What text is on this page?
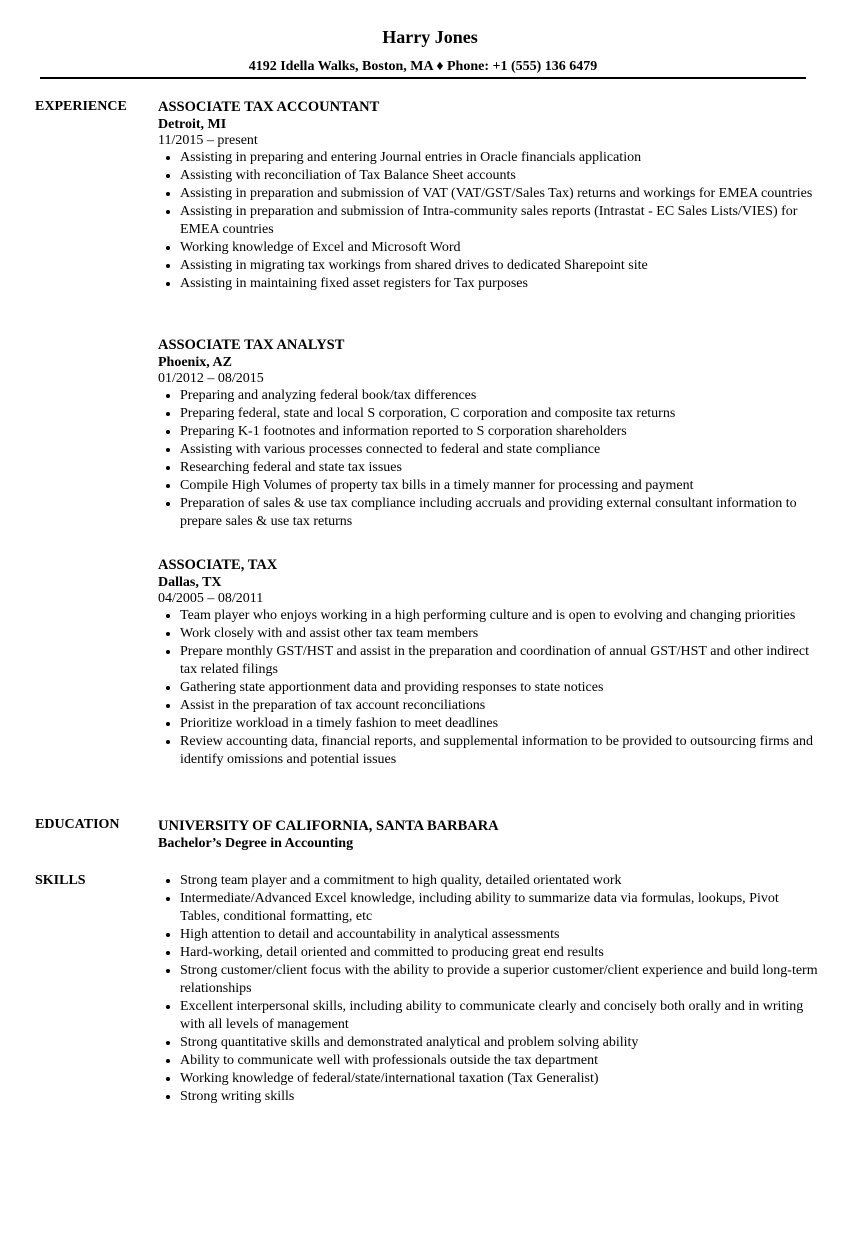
Harry Jones
4192 Idella Walks, Boston, MA ♦ Phone: +1 (555) 136 6479
EXPERIENCE ASSOCIATE TAX ACCOUNTANT
Detroit, MI
11/2015 – present
• Assisting in preparing and entering Journal entries in Oracle financials application
• Assisting with reconciliation of Tax Balance Sheet accounts
• Assisting in preparation and submission of VAT (VAT/GST/Sales Tax) returns and workings for EMEA countries
• Assisting in preparation and submission of Intra-community sales reports (Intrastat - EC Sales Lists/VIES) for EMEA countries
• Working knowledge of Excel and Microsoft Word
• Assisting in migrating tax workings from shared drives to dedicated Sharepoint site
• Assisting in maintaining fixed asset registers for Tax purposes
ASSOCIATE TAX ANALYST
Phoenix, AZ
01/2012 – 08/2015
• Preparing and analyzing federal book/tax differences
• Preparing federal, state and local S corporation, C corporation and composite tax returns
• Preparing K-1 footnotes and information reported to S corporation shareholders
• Assisting with various processes connected to federal and state compliance
• Researching federal and state tax issues
• Compile High Volumes of property tax bills in a timely manner for processing and payment
• Preparation of sales & use tax compliance including accruals and providing external consultant information to prepare sales & use tax returns
ASSOCIATE, TAX
Dallas, TX
04/2005 – 08/2011
• Team player who enjoys working in a high performing culture and is open to evolving and changing priorities
• Work closely with and assist other tax team members
• Prepare monthly GST/HST and assist in the preparation and coordination of annual GST/HST and other indirect tax related filings
• Gathering state apportionment data and providing responses to state notices
• Assist in the preparation of tax account reconciliations
• Prioritize workload in a timely fashion to meet deadlines
• Review accounting data, financial reports, and supplemental information to be provided to outsourcing firms and identify omissions and potential issues
EDUCATION	UNIVERSITY OF CALIFORNIA, SANTA BARBARA
Bachelor’s Degree in Accounting
SKILLS
•	Strong team player and a commitment to high quality, detailed orientated work
• Intermediate/Advanced Excel knowledge, including ability to summarize data via formulas, lookups, Pivot Tables, conditional formatting, etc
• High attention to detail and accountability in analytical assessments
• Hard-working, detail oriented and committed to producing great end results
• Strong customer/client focus with the ability to provide a superior customer/client experience and build long-term relationships
• Excellent interpersonal skills, including ability to communicate clearly and concisely both orally and in writing with all levels of management
• Strong quantitative skills and demonstrated analytical and problem solving ability
• Ability to communicate well with professionals outside the tax department
• Working knowledge of federal/state/international taxation (Tax Generalist)
• Strong writing skills
